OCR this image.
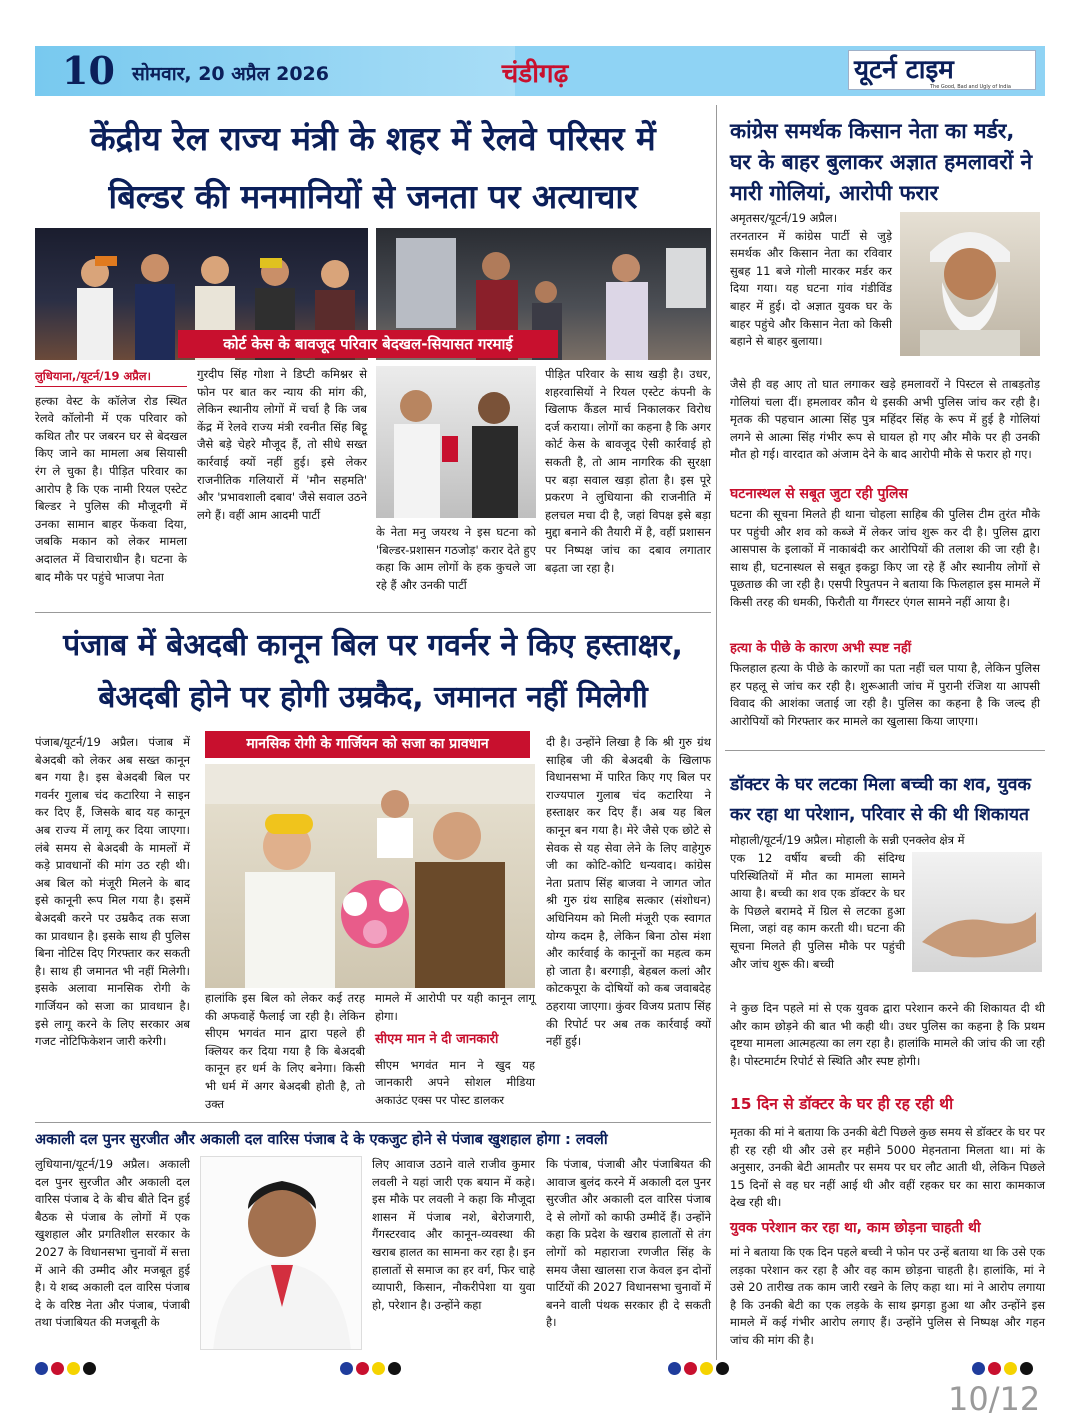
10 सोमवार, 20 अप्रैल 2026	चंडीगढ़	यूटर्न टाइम
The Good, Bad and Ugly of India
केंद्रीय रेल राज्य मंत्री के शहर में रेलवे परिसर में
बिल्डर की मनमानियों से जनता पर अत्याचार
कोर्ट केस के बावजूद परिवार बेदखल-सियासत गरमाई
लुधियाना,/यूटर्न/19 अप्रैल।
हल्का वेस्ट के कॉलेज रोड स्थित रेलवे कॉलोनी में एक परिवार को कथित तौर पर जबरन घर से बेदखल किए जाने का मामला अब सियासी रंग ले चुका है। पीड़ित परिवार का आरोप है कि एक नामी रियल एस्टेट बिल्डर ने पुलिस की मौजूदगी में उनका सामान बाहर फेंकवा दिया, जबकि मकान को लेकर मामला अदालत में विचाराधीन है। घटना के बाद मौके पर पहुंचे भाजपा नेता
गुरदीप सिंह गोशा ने डिप्टी कमिश्नर से फोन पर बात कर न्याय की मांग की, लेकिन स्थानीय लोगों में चर्चा है कि जब केंद्र में रेलवे राज्य मंत्री रवनीत सिंह बिट्टू जैसे बड़े चेहरे मौजूद हैं, तो सीधे सख्त कार्रवाई क्यों नहीं हुई। इसे लेकर राजनीतिक गलियारों में 'मौन सहमति' और 'प्रभावशाली दबाव' जैसे सवाल उठने लगे हैं। वहीं आम आदमी पार्टी
के नेता मनु जयरथ ने इस घटना को 'बिल्डर-प्रशासन गठजोड़' करार देते हुए कहा कि आम लोगों के हक कुचले जा रहे हैं और उनकी पार्टी
पीड़ित परिवार के साथ खड़ी है। उधर, शहरवासियों ने रियल एस्टेट कंपनी के खिलाफ कैंडल मार्च निकालकर विरोध दर्ज कराया। लोगों का कहना है कि अगर कोर्ट केस के बावजूद ऐसी कार्रवाई हो सकती है, तो आम नागरिक की सुरक्षा पर बड़ा सवाल खड़ा होता है। इस पूरे प्रकरण ने लुधियाना की राजनीति में हलचल मचा दी है, जहां विपक्ष इसे बड़ा मुद्दा बनाने की तैयारी में है, वहीं प्रशासन पर निष्पक्ष जांच का दबाव लगातार बढ़ता जा रहा है।
पंजाब में बेअदबी कानून बिल पर गवर्नर ने किए हस्ताक्षर,
बेअदबी होने पर होगी उम्रकैद, जमानत नहीं मिलेगी
पंजाब/यूटर्न/19 अप्रैल। पंजाब में बेअदबी को लेकर अब सख्त कानून बन गया है। इस बेअदबी बिल पर गवर्नर गुलाब चंद कटारिया ने साइन कर दिए हैं, जिसके बाद यह कानून अब राज्य में लागू कर दिया जाएगा। लंबे समय से बेअदबी के मामलों में कड़े प्रावधानों की मांग उठ रही थी। अब बिल को मंजूरी मिलने के बाद इसे कानूनी रूप मिल गया है। इसमें बेअदबी करने पर उम्रकैद तक सजा का प्रावधान है। इसके साथ ही पुलिस बिना नोटिस दिए गिरफ्तार कर सकती है। साथ ही जमानत भी नहीं मिलेगी। इसके अलावा मानसिक रोगी के गार्जियन को सजा का प्रावधान है। इसे लागू करने के लिए सरकार अब गजट नोटिफिकेशन जारी करेगी।
मानसिक रोगी के गार्जियन को सजा का प्रावधान
हालांकि इस बिल को लेकर कई तरह की अफवाहें फैलाई जा रही है। लेकिन सीएम भगवंत मान द्वारा पहले ही क्लियर कर दिया गया है कि बेअदबी कानून हर धर्म के लिए बनेगा। किसी भी धर्म में अगर बेअदबी होती है, तो उक्त
मामले में आरोपी पर यही कानून लागू होगा।
सीएम मान ने दी जानकारी
सीएम भगवंत मान ने खुद यह जानकारी अपने सोशल मीडिया अकाउंट एक्स पर पोस्ट डालकर
दी है। उन्होंने लिखा है कि श्री गुरु ग्रंथ साहिब जी की बेअदबी के खिलाफ विधानसभा में पारित किए गए बिल पर राज्यपाल गुलाब चंद कटारिया ने हस्ताक्षर कर दिए हैं। अब यह बिल कानून बन गया है। मेरे जैसे एक छोटे से सेवक से यह सेवा लेने के लिए वाहेगुरु जी का कोटि-कोटि धन्यवाद। कांग्रेस नेता प्रताप सिंह बाजवा ने जागत जोत श्री गुरु ग्रंथ साहिब सत्कार (संशोधन) अधिनियम को मिली मंजूरी एक स्वागत योग्य कदम है, लेकिन बिना ठोस मंशा और कार्रवाई के कानूनों का महत्व कम हो जाता है। बरगाड़ी, बेहबल कलां और कोटकपूरा के दोषियों को कब जवाबदेह ठहराया जाएगा। कुंवर विजय प्रताप सिंह की रिपोर्ट पर अब तक कार्रवाई क्यों नहीं हुई।
अकाली दल पुनर सुरजीत और अकाली दल वारिस पंजाब दे के एकजुट होने से पंजाब खुशहाल होगा : लवली
लुधियाना/यूटर्न/19 अप्रैल। अकाली दल पुनर सुरजीत और अकाली दल वारिस पंजाब दे के बीच बीते दिन हुई बैठक से पंजाब के लोगों में एक खुशहाल और प्रगतिशील सरकार के 2027 के विधानसभा चुनावों में सत्ता में आने की उम्मीद और मजबूत हुई है। ये शब्द अकाली दल वारिस पंजाब दे के वरिष्ठ नेता और पंजाब, पंजाबी तथा पंजाबियत की मजबूती के
लिए आवाज उठाने वाले राजीव कुमार लवली ने यहां जारी एक बयान में कहे। इस मौके पर लवली ने कहा कि मौजूदा शासन में पंजाब नशे, बेरोजगारी, गैंगस्टरवाद और कानून-व्यवस्था की खराब हालत का सामना कर रहा है। इन हालातों से समाज का हर वर्ग, फिर चाहे व्यापारी, किसान, नौकरीपेशा या युवा हो, परेशान है। उन्होंने कहा
कि पंजाब, पंजाबी और पंजाबियत की आवाज बुलंद करने में अकाली दल पुनर सुरजीत और अकाली दल वारिस पंजाब दे से लोगों को काफी उम्मीदें हैं। उन्होंने कहा कि प्रदेश के खराब हालातों से तंग लोगों को महाराजा रणजीत सिंह के समय जैसा खालसा राज केवल इन दोनों पार्टियों की 2027 विधानसभा चुनावों में बनने वाली पंथक सरकार ही दे सकती है।
कांग्रेस समर्थक किसान नेता का मर्डर,
घर के बाहर बुलाकर अज्ञात हमलावरों ने
मारी गोलियां, आरोपी फरार
अमृतसर/यूटर्न/19 अप्रैल।
तरनतारन में कांग्रेस पार्टी से जुड़े समर्थक और किसान नेता का रविवार सुबह 11 बजे गोली मारकर मर्डर कर दिया गया। यह घटना गांव गंडीविंड बाहर में हुई। दो अज्ञात युवक घर के बाहर पहुंचे और किसान नेता को किसी बहाने से बाहर बुलाया।
जैसे ही वह आए तो घात लगाकर खड़े हमलावरों ने पिस्टल से ताबड़तोड़ गोलियां चला दीं। हमलावर कौन थे इसकी अभी पुलिस जांच कर रही है। मृतक की पहचान आत्मा सिंह पुत्र महिंदर सिंह के रूप में हुई है गोलियां लगने से आत्मा सिंह गंभीर रूप से घायल हो गए और मौके पर ही उनकी मौत हो गई। वारदात को अंजाम देने के बाद आरोपी मौके से फरार हो गए।
घटनास्थल से सबूत जुटा रही पुलिस
घटना की सूचना मिलते ही थाना चोहला साहिब की पुलिस टीम तुरंत मौके पर पहुंची और शव को कब्जे में लेकर जांच शुरू कर दी है। पुलिस द्वारा आसपास के इलाकों में नाकाबंदी कर आरोपियों की तलाश की जा रही है। साथ ही, घटनास्थल से सबूत इकट्ठा किए जा रहे हैं और स्थानीय लोगों से पूछताछ की जा रही है। एसपी रिपुतपन ने बताया कि फिलहाल इस मामले में किसी तरह की धमकी, फिरौती या गैंगस्टर एंगल सामने नहीं आया है।
हत्या के पीछे के कारण अभी स्पष्ट नहीं
फिलहाल हत्या के पीछे के कारणों का पता नहीं चल पाया है, लेकिन पुलिस हर पहलू से जांच कर रही है। शुरूआती जांच में पुरानी रंजिश या आपसी विवाद की आशंका जताई जा रही है। पुलिस का कहना है कि जल्द ही आरोपियों को गिरफ्तार कर मामले का खुलासा किया जाएगा।
डॉक्टर के घर लटका मिला बच्ची का शव, युवक
कर रहा था परेशान, परिवार से की थी शिकायत
मोहाली/यूटर्न/19 अप्रैल। मोहाली के सन्नी एनक्लेव क्षेत्र में
एक 12 वर्षीय बच्ची की संदिग्ध परिस्थितियों में मौत का मामला सामने आया है। बच्ची का शव एक डॉक्टर के घर के पिछले बरामदे में ग्रिल से लटका हुआ मिला, जहां वह काम करती थी। घटना की सूचना मिलते ही पुलिस मौके पर पहुंची और जांच शुरू की। बच्ची
ने कुछ दिन पहले मां से एक युवक द्वारा परेशान करने की शिकायत दी थी और काम छोड़ने की बात भी कही थी। उधर पुलिस का कहना है कि प्रथम दृष्टया मामला आत्महत्या का लग रहा है। हालांकि मामले की जांच की जा रही है। पोस्टमार्टम रिपोर्ट से स्थिति और स्पष्ट होगी।
15 दिन से डॉक्टर के घर ही रह रही थी
मृतका की मां ने बताया कि उनकी बेटी पिछले कुछ समय से डॉक्टर के घर पर ही रह रही थी और उसे हर महीने 5000 मेहनताना मिलता था। मां के अनुसार, उनकी बेटी आमतौर पर समय पर घर लौट आती थी, लेकिन पिछले 15 दिनों से वह घर नहीं आई थी और वहीं रहकर घर का सारा कामकाज देख रही थी।
युवक परेशान कर रहा था, काम छोड़ना चाहती थी
मां ने बताया कि एक दिन पहले बच्ची ने फोन पर उन्हें बताया था कि उसे एक लड़का परेशान कर रहा है और वह काम छोड़ना चाहती है। हालांकि, मां ने उसे 20 तारीख तक काम जारी रखने के लिए कहा था। मां ने आरोप लगाया है कि उनकी बेटी का एक लड़के के साथ झगड़ा हुआ था और उन्होंने इस मामले में कई गंभीर आरोप लगाए हैं। उन्होंने पुलिस से निष्पक्ष और गहन जांच की मांग की है।
10/12
